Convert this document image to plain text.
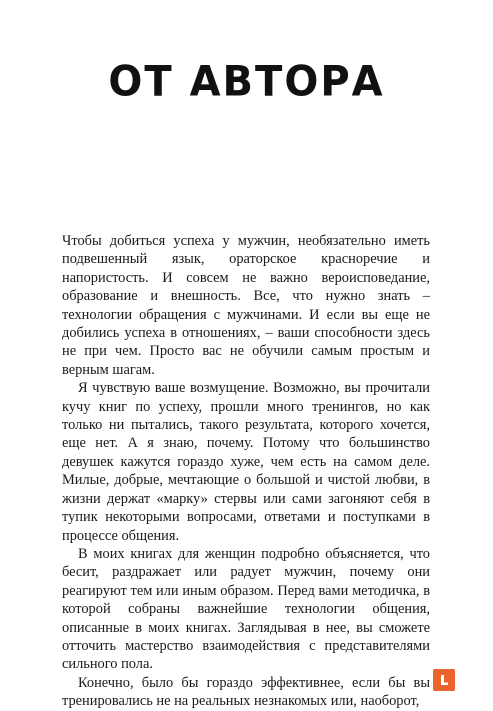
ОТ АВТОРА

Чтобы добиться успеха у мужчин, необязательно иметь подвешенный язык, ораторское красноречие и напористость. И совсем не важно вероисповедание, образование и внешность. Все, что нужно знать – технологии обращения с мужчинами. И если вы еще не добились успеха в отношениях, – ваши способности здесь не при чем. Просто вас не обучили самым простым и верным шагам.

Я чувствую ваше возмущение. Возможно, вы прочитали кучу книг по успеху, прошли много тренингов, но как только ни пытались, такого результата, которого хочется, еще нет. А я знаю, почему. Потому что большинство девушек кажутся гораздо хуже, чем есть на самом деле. Милые, добрые, мечтающие о большой и чистой любви, в жизни держат «марку» стервы или сами загоняют себя в тупик некоторыми вопросами, ответами и поступками в процессе общения.

В моих книгах для женщин подробно объясняется, что бесит, раздражает или радует мужчин, почему они реагируют тем или иным образом. Перед вами методичка, в которой собраны важнейшие технологии общения, описанные в моих книгах. Заглядывая в нее, вы сможете отточить мастерство взаимодействия с представителями сильного пола.

Конечно, было бы гораздо эффективнее, если бы вы тренировались не на реальных незнакомых или, наоборот,
